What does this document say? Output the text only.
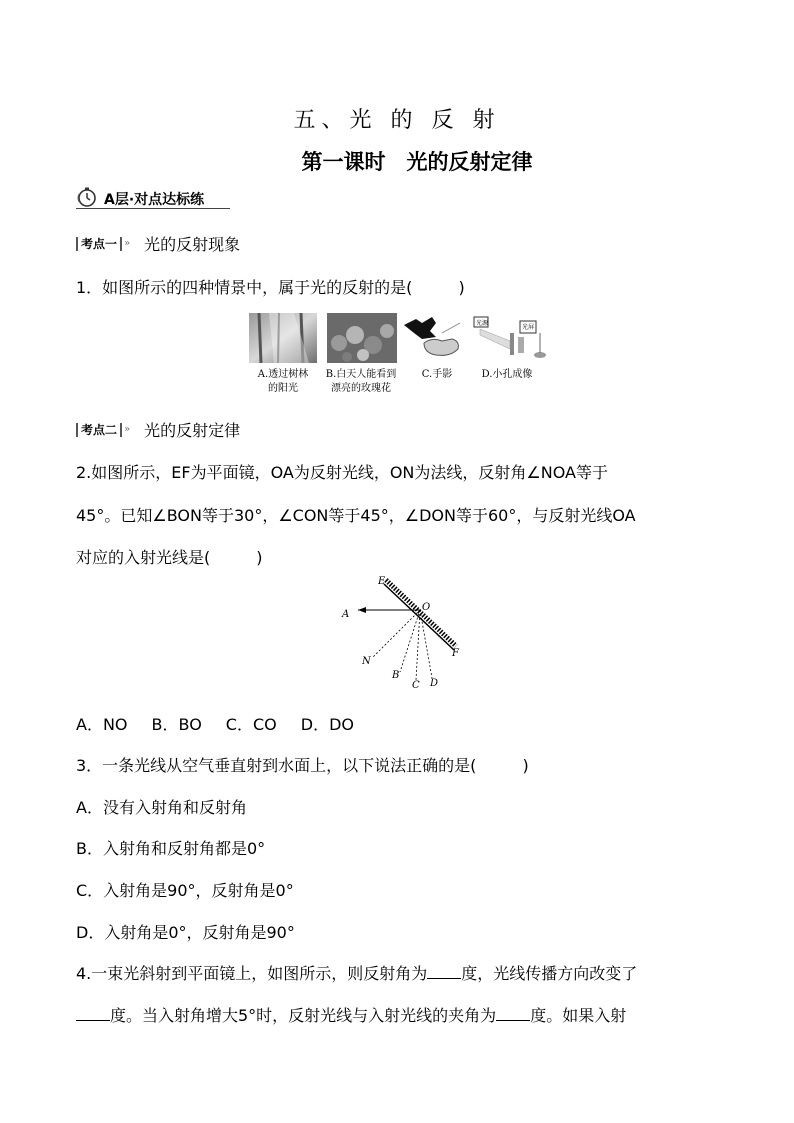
五、光 的 反 射
第一课时　光的反射定律
A层·对点达标练
考点一 » 光的反射现象
1．如图所示的四种情景中，属于光的反射的是(	)
光源
光屏
A.透过树林
的阳光
B.白天人能看到
漂亮的玫瑰花
C.手影	D.小孔成像
考点二 » 光的反射定律
2.如图所示，EF为平面镜，OA为反射光线，ON为法线，反射角∠NOA等于
45°。已知∠BON等于30°，∠CON等于45°，∠DON等于60°，与反射光线OA
对应的入射光线是(	)
E
F
O
A
N
B
C D
A．NO B．BO C．CO D．DO
3．一条光线从空气垂直射到水面上，以下说法正确的是(	)
A．没有入射角和反射角
B．入射角和反射角都是0°
C．入射角是90°，反射角是0°
D．入射角是0°，反射角是90°
4.一束光斜射到平面镜上，如图所示，则反射角为 度，光线传播方向改变了
度。当入射角增大5°时，反射光线与入射光线的夹角为 度。如果入射
